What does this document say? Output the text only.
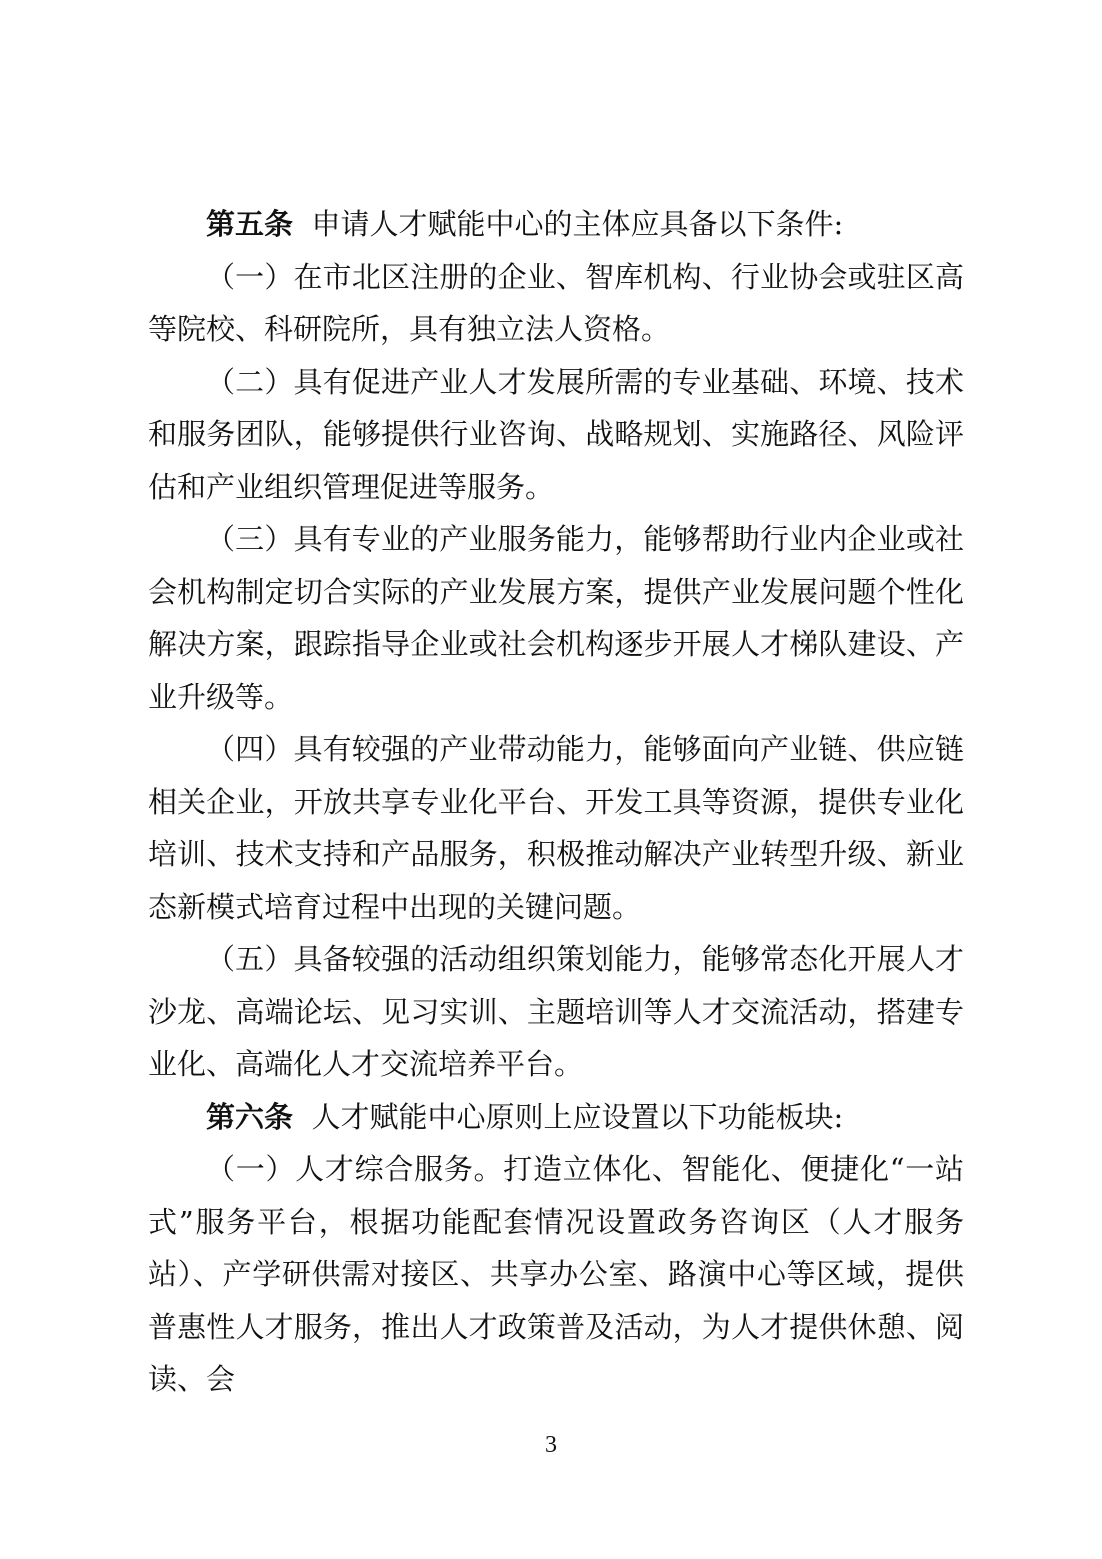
第五条 申请人才赋能中心的主体应具备以下条件:

（一）在市北区注册的企业、智库机构、行业协会或驻区高等院校、科研院所，具有独立法人资格。

（二）具有促进产业人才发展所需的专业基础、环境、技术和服务团队，能够提供行业咨询、战略规划、实施路径、风险评估和产业组织管理促进等服务。

（三）具有专业的产业服务能力，能够帮助行业内企业或社会机构制定切合实际的产业发展方案，提供产业发展问题个性化解决方案，跟踪指导企业或社会机构逐步开展人才梯队建设、产业升级等。

（四）具有较强的产业带动能力，能够面向产业链、供应链相关企业，开放共享专业化平台、开发工具等资源，提供专业化培训、技术支持和产品服务，积极推动解决产业转型升级、新业态新模式培育过程中出现的关键问题。

（五）具备较强的活动组织策划能力，能够常态化开展人才沙龙、高端论坛、见习实训、主题培训等人才交流活动，搭建专业化、高端化人才交流培养平台。

第六条 人才赋能中心原则上应设置以下功能板块:

（一）人才综合服务。打造立体化、智能化、便捷化“一站式”服务平台，根据功能配套情况设置政务咨询区（人才服务站）、产学研供需对接区、共享办公室、路演中心等区域，提供普惠性人才服务，推出人才政策普及活动，为人才提供休憩、阅读、会

3
